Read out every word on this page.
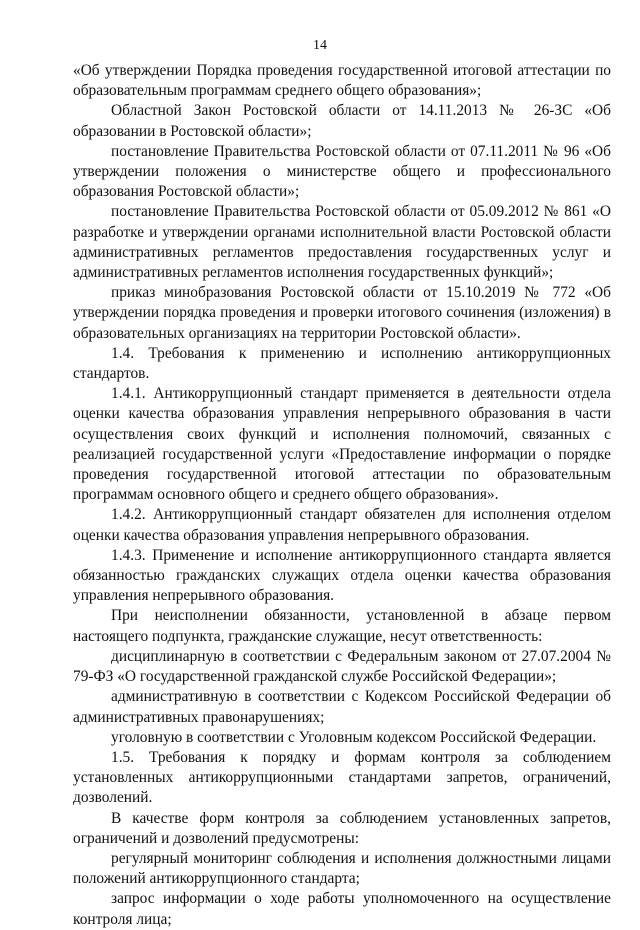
14

«Об утверждении Порядка проведения государственной итоговой аттестации по образовательным программам среднего общего образования»;

Областной Закон Ростовской области от 14.11.2013 № 26-ЗС «Об образовании в Ростовской области»;

постановление Правительства Ростовской области от 07.11.2011 № 96 «Об утверждении положения о министерстве общего и профессионального образования Ростовской области»;

постановление Правительства Ростовской области от 05.09.2012 № 861 «О разработке и утверждении органами исполнительной власти Ростовской области административных регламентов предоставления государственных услуг и административных регламентов исполнения государственных функций»;

приказ минобразования Ростовской области от 15.10.2019 № 772 «Об утверждении порядка проведения и проверки итогового сочинения (изложения) в образовательных организациях на территории Ростовской области».

1.4. Требования к применению и исполнению антикоррупционных стандартов.

1.4.1. Антикоррупционный стандарт применяется в деятельности отдела оценки качества образования управления непрерывного образования в части осуществления своих функций и исполнения полномочий, связанных с реализацией государственной услуги «Предоставление информации о порядке проведения государственной итоговой аттестации по образовательным программам основного общего и среднего общего образования».

1.4.2. Антикоррупционный стандарт обязателен для исполнения отделом оценки качества образования управления непрерывного образования.

1.4.3. Применение и исполнение антикоррупционного стандарта является обязанностью гражданских служащих отдела оценки качества образования управления непрерывного образования.

При неисполнении обязанности, установленной в абзаце первом настоящего подпункта, гражданские служащие, несут ответственность:

дисциплинарную в соответствии с Федеральным законом от 27.07.2004 № 79-ФЗ «О государственной гражданской службе Российской Федерации»;

административную в соответствии с Кодексом Российской Федерации об административных правонарушениях;

уголовную в соответствии с Уголовным кодексом Российской Федерации.

1.5. Требования к порядку и формам контроля за соблюдением установленных антикоррупционными стандартами запретов, ограничений, дозволений.

В качестве форм контроля за соблюдением установленных запретов, ограничений и дозволений предусмотрены:

регулярный мониторинг соблюдения и исполнения должностными лицами положений антикоррупционного стандарта;

запрос информации о ходе работы уполномоченного на осуществление контроля лица;
